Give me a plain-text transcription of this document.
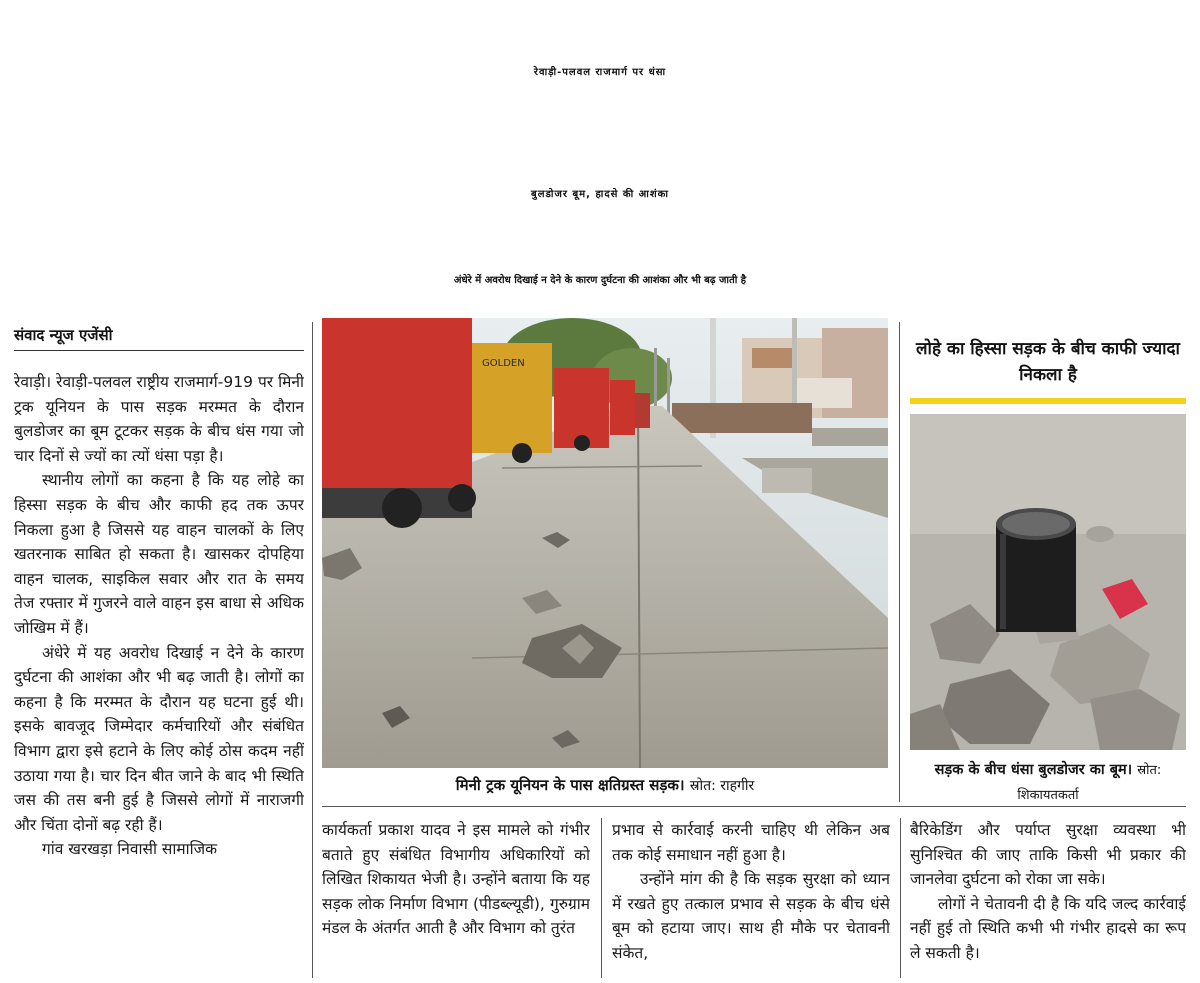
रेवाड़ी-पलवल राजमार्ग पर धंसा
बुलडोजर बूम, हादसे की आशंका
अंधेरे में अवरोध दिखाई न देने के कारण दुर्घटना की आशंका और भी बढ़ जाती है
संवाद न्यूज एजेंसी

रेवाड़ी। रेवाड़ी-पलवल राष्ट्रीय राजमार्ग-919 पर मिनी ट्रक यूनियन के पास सड़क मरम्मत के दौरान बुलडोजर का बूम टूटकर सड़क के बीच धंस गया जो चार दिनों से ज्यों का त्यों धंसा पड़ा है।

स्थानीय लोगों का कहना है कि यह लोहे का हिस्सा सड़क के बीच और काफी हद तक ऊपर निकला हुआ है जिससे यह वाहन चालकों के लिए खतरनाक साबित हो सकता है। खासकर दोपहिया वाहन चालक, साइकिल सवार और रात के समय तेज रफ्तार में गुजरने वाले वाहन इस बाधा से अधिक जोखिम में हैं।

अंधेरे में यह अवरोध दिखाई न देने के कारण दुर्घटना की आशंका और भी बढ़ जाती है। लोगों का कहना है कि मरम्मत के दौरान यह घटना हुई थी। इसके बावजूद जिम्मेदार कर्मचारियों और संबंधित विभाग द्वारा इसे हटाने के लिए कोई ठोस कदम नहीं उठाया गया है। चार दिन बीत जाने के बाद भी स्थिति जस की तस बनी हुई है जिससे लोगों में नाराजगी और चिंता दोनों बढ़ रही हैं।

गांव खरखड़ा निवासी सामाजिक

GOLDEN
मिनी ट्रक यूनियन के पास क्षतिग्रस्त सड़क। स्रोत: राहगीर
लोहे का हिस्सा सड़क के बीच काफी ज्यादा निकला है
सड़क के बीच धंसा बुलडोजर का बूम। स्रोत: शिकायतकर्ता

कार्यकर्ता प्रकाश यादव ने इस मामले को गंभीर बताते हुए संबंधित विभागीय अधिकारियों को लिखित शिकायत भेजी है। उन्होंने बताया कि यह सड़क लोक निर्माण विभाग (पीडब्ल्यूडी), गुरुग्राम मंडल के अंतर्गत आती है और विभाग को तुरंत

प्रभाव से कार्रवाई करनी चाहिए थी लेकिन अब तक कोई समाधान नहीं हुआ है।

उन्होंने मांग की है कि सड़क सुरक्षा को ध्यान में रखते हुए तत्काल प्रभाव से सड़क के बीच धंसे बूम को हटाया जाए। साथ ही मौके पर चेतावनी संकेत,

बैरिकेडिंग और पर्याप्त सुरक्षा व्यवस्था भी सुनिश्चित की जाए ताकि किसी भी प्रकार की जानलेवा दुर्घटना को रोका जा सके।

लोगों ने चेतावनी दी है कि यदि जल्द कार्रवाई नहीं हुई तो स्थिति कभी भी गंभीर हादसे का रूप ले सकती है।
